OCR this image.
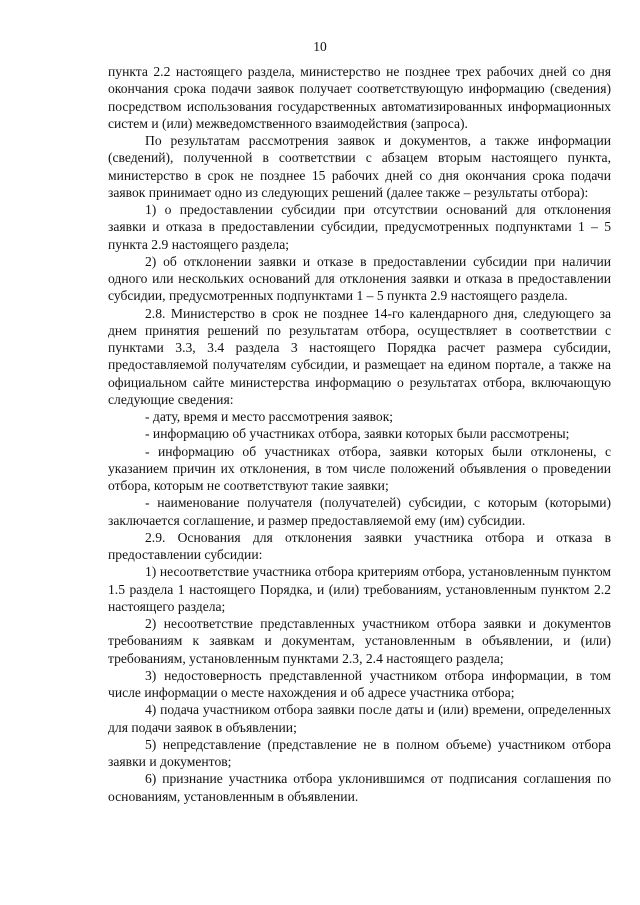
10

пункта 2.2 настоящего раздела, министерство не позднее трех рабочих дней со дня окончания срока подачи заявок получает соответствующую информацию (сведения) посредством использования государственных автоматизированных информационных систем и (или) межведомственного взаимодействия (запроса).

По результатам рассмотрения заявок и документов, а также информации (сведений), полученной в соответствии с абзацем вторым настоящего пункта, министерство в срок не позднее 15 рабочих дней со дня окончания срока подачи заявок принимает одно из следующих решений (далее также – результаты отбора):

1) о предоставлении субсидии при отсутствии оснований для отклонения заявки и отказа в предоставлении субсидии, предусмотренных подпунктами 1 – 5 пункта 2.9 настоящего раздела;

2) об отклонении заявки и отказе в предоставлении субсидии при наличии одного или нескольких оснований для отклонения заявки и отказа в предоставлении субсидии, предусмотренных подпунктами 1 – 5 пункта 2.9 настоящего раздела.

2.8. Министерство в срок не позднее 14-го календарного дня, следующего за днем принятия решений по результатам отбора, осуществляет в соответствии с пунктами 3.3, 3.4 раздела 3 настоящего Порядка расчет размера субсидии, предоставляемой получателям субсидии, и размещает на едином портале, а также на официальном сайте министерства информацию о результатах отбора, включающую следующие сведения:

- дату, время и место рассмотрения заявок;

- информацию об участниках отбора, заявки которых были рассмотрены;

- информацию об участниках отбора, заявки которых были отклонены, с указанием причин их отклонения, в том числе положений объявления о проведении отбора, которым не соответствуют такие заявки;

- наименование получателя (получателей) субсидии, с которым (которыми) заключается соглашение, и размер предоставляемой ему (им) субсидии.

2.9. Основания для отклонения заявки участника отбора и отказа в предоставлении субсидии:

1) несоответствие участника отбора критериям отбора, установленным пунктом 1.5 раздела 1 настоящего Порядка, и (или) требованиям, установленным пунктом 2.2 настоящего раздела;

2) несоответствие представленных участником отбора заявки и документов требованиям к заявкам и документам, установленным в объявлении, и (или) требованиям, установленным пунктами 2.3, 2.4 настоящего раздела;

3) недостоверность представленной участником отбора информации, в том числе информации о месте нахождения и об адресе участника отбора;

4) подача участником отбора заявки после даты и (или) времени, определенных для подачи заявок в объявлении;

5) непредставление (представление не в полном объеме) участником отбора заявки и документов;

6) признание участника отбора уклонившимся от подписания соглашения по основаниям, установленным в объявлении.
